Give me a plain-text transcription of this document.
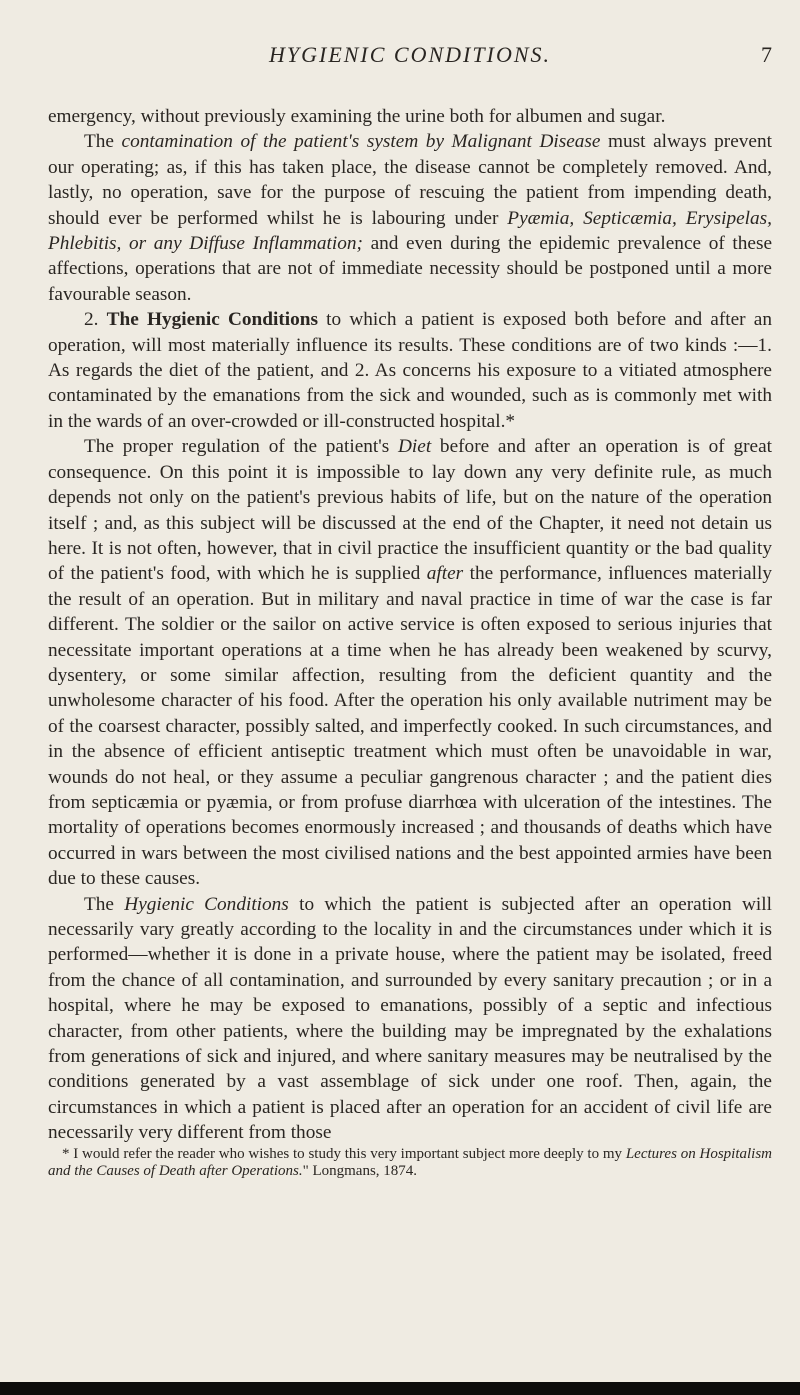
HYGIENIC CONDITIONS.	7

emergency, without previously examining the urine both for albumen and sugar.

The contamination of the patient's system by Malignant Disease must always prevent our operating; as, if this has taken place, the disease cannot be completely removed. And, lastly, no operation, save for the purpose of rescuing the patient from impending death, should ever be performed whilst he is labouring under Pyæmia, Septicæmia, Erysipelas, Phlebitis, or any Diffuse Inflammation; and even during the epidemic prevalence of these affections, operations that are not of immediate necessity should be postponed until a more favourable season.

2. The Hygienic Conditions to which a patient is exposed both before and after an operation, will most materially influence its results. These conditions are of two kinds :—1. As regards the diet of the patient, and 2. As concerns his exposure to a vitiated atmosphere contaminated by the emanations from the sick and wounded, such as is commonly met with in the wards of an over-crowded or ill-constructed hospital.*

The proper regulation of the patient's Diet before and after an operation is of great consequence. On this point it is impossible to lay down any very definite rule, as much depends not only on the patient's previous habits of life, but on the nature of the operation itself ; and, as this subject will be discussed at the end of the Chapter, it need not detain us here. It is not often, however, that in civil practice the insufficient quantity or the bad quality of the patient's food, with which he is supplied after the performance, influences materially the result of an operation. But in military and naval practice in time of war the case is far different. The soldier or the sailor on active service is often exposed to serious injuries that necessitate important operations at a time when he has already been weakened by scurvy, dysentery, or some similar affection, resulting from the deficient quantity and the unwholesome character of his food. After the operation his only available nutriment may be of the coarsest character, possibly salted, and imperfectly cooked. In such circumstances, and in the absence of efficient antiseptic treatment which must often be unavoidable in war, wounds do not heal, or they assume a peculiar gangrenous character ; and the patient dies from septicæmia or pyæmia, or from profuse diarrhœa with ulceration of the intestines. The mortality of operations becomes enormously increased ; and thousands of deaths which have occurred in wars between the most civilised nations and the best appointed armies have been due to these causes.

The Hygienic Conditions to which the patient is subjected after an operation will necessarily vary greatly according to the locality in and the circumstances under which it is performed—whether it is done in a private house, where the patient may be isolated, freed from the chance of all contamination, and surrounded by every sanitary precaution ; or in a hospital, where he may be exposed to emanations, possibly of a septic and infectious character, from other patients, where the building may be impregnated by the exhalations from generations of sick and injured, and where sanitary measures may be neutralised by the conditions generated by a vast assemblage of sick under one roof. Then, again, the circumstances in which a patient is placed after an operation for an accident of civil life are necessarily very different from those

* I would refer the reader who wishes to study this very important subject more deeply to my Lectures on Hospitalism and the Causes of Death after Operations." Longmans, 1874.
